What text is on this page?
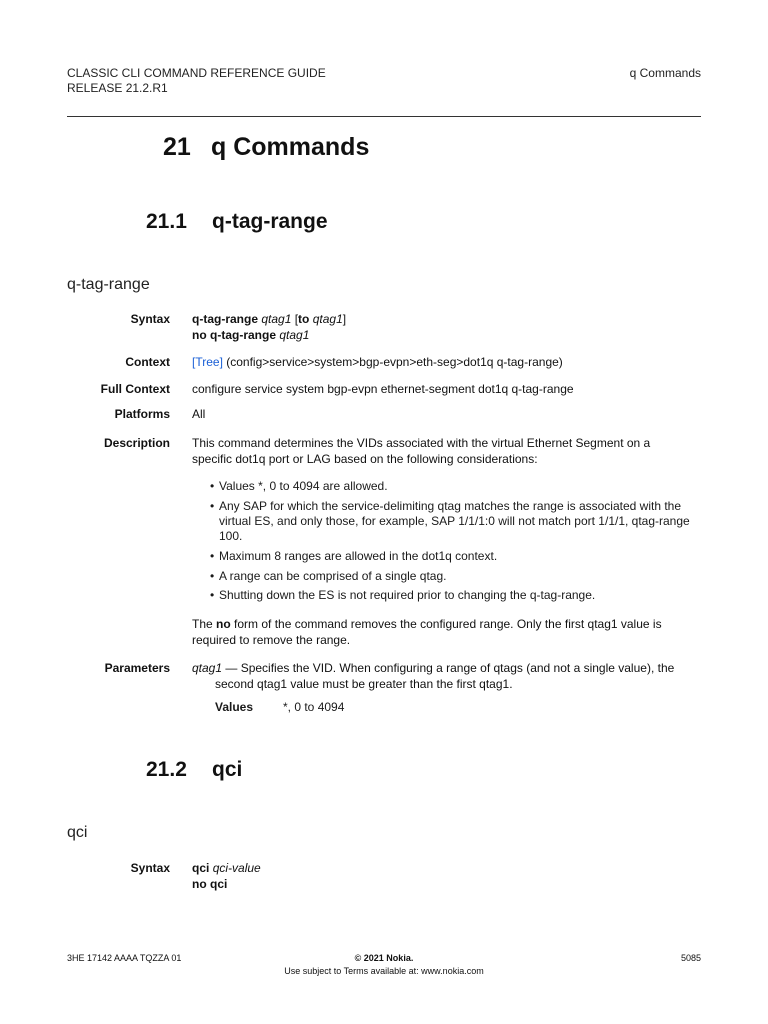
CLASSIC CLI COMMAND REFERENCE GUIDE
RELEASE 21.2.R1
q Commands
21 q Commands
21.1 q-tag-range
q-tag-range
Syntax q-tag-range qtag1 [to qtag1]
no q-tag-range qtag1
Context [Tree] (config>service>system>bgp-evpn>eth-seg>dot1q q-tag-range)
Full Context configure service system bgp-evpn ethernet-segment dot1q q-tag-range
Platforms All
Description This command determines the VIDs associated with the virtual Ethernet Segment on a specific dot1q port or LAG based on the following considerations:
• Values *, 0 to 4094 are allowed.
• Any SAP for which the service-delimiting qtag matches the range is associated with the virtual ES, and only those, for example, SAP 1/1/1:0 will not match port 1/1/1, qtag-range 100.
• Maximum 8 ranges are allowed in the dot1q context.
• A range can be comprised of a single qtag.
• Shutting down the ES is not required prior to changing the q-tag-range.
The no form of the command removes the configured range. Only the first qtag1 value is required to remove the range.
Parameters qtag1 — Specifies the VID. When configuring a range of qtags (and not a single value), the second qtag1 value must be greater than the first qtag1.
Values *, 0 to 4094
21.2 qci
qci
Syntax qci qci-value
no qci
3HE 17142 AAAA TQZZA 01	© 2021 Nokia.
Use subject to Terms available at: www.nokia.com
5085
